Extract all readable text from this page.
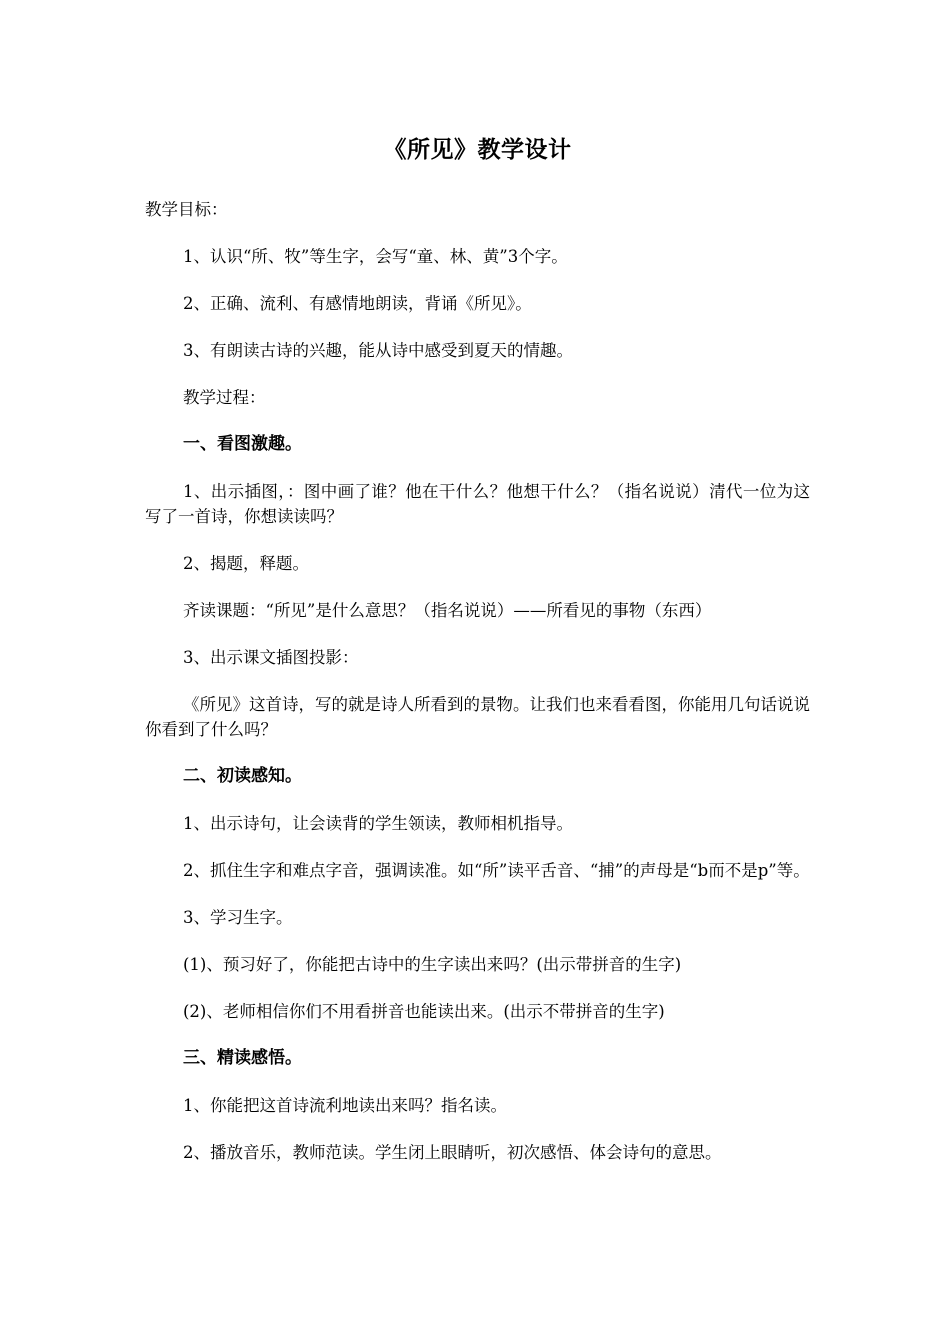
《所见》教学设计
教学目标：
1、认识“所、牧”等生字，会写“童、林、黄”3个字。
2、正确、流利、有感情地朗读，背诵《所见》。
3、有朗读古诗的兴趣，能从诗中感受到夏天的情趣。
教学过程：
一、看图激趣。
1、出示插图，：图中画了谁？他在干什么？他想干什么？（指名说说）清代一位为这写了一首诗，你想读读吗？
2、揭题，释题。
齐读课题：“所见”是什么意思？（指名说说）——所看见的事物（东西）
3、出示课文插图投影：
《所见》这首诗，写的就是诗人所看到的景物。让我们也来看看图，你能用几句话说说你看到了什么吗？
二、初读感知。
1、出示诗句，让会读背的学生领读，教师相机指导。
2、抓住生字和难点字音，强调读准。如“所”读平舌音、“捕”的声母是“b而不是p”等。
3、学习生字。
(1)、预习好了，你能把古诗中的生字读出来吗？(出示带拼音的生字)
(2)、老师相信你们不用看拼音也能读出来。(出示不带拼音的生字)
三、精读感悟。
1、你能把这首诗流利地读出来吗？指名读。
2、播放音乐，教师范读。学生闭上眼睛听，初次感悟、体会诗句的意思。
